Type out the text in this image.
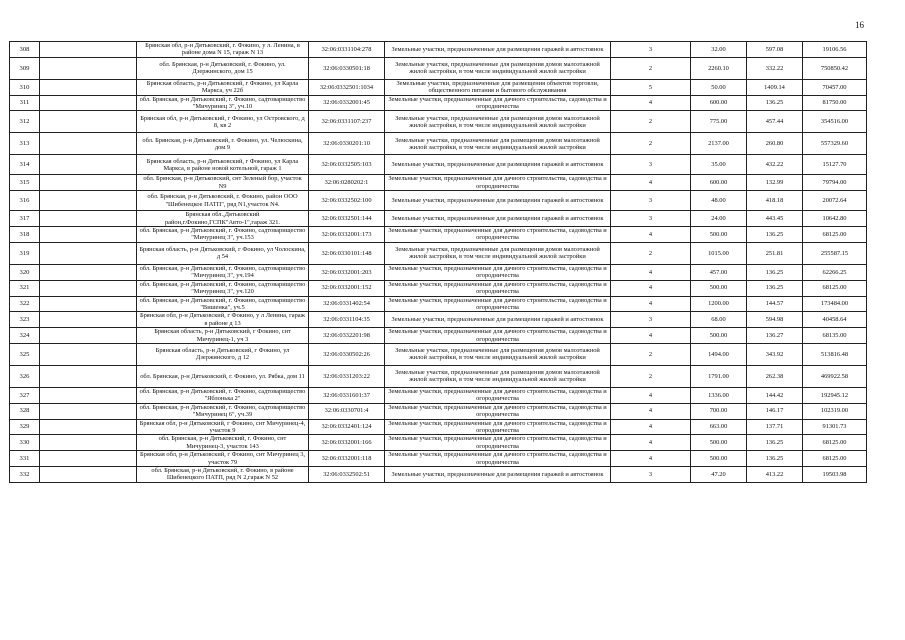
16
308		Брянская обл, р-н Дятьковский, г. Фокино, у л. Ленина, в районе дома N 15, гараж N 13	32:06:0331104:278	Земельные участки, предназначенные для размещения гаражей и автостоянок	3	32.00	597.08	19106.56
309		обл. Брянская, р-н Дятьковский, г. Фокино, ул. Дзержинского, дом 15	32:06:0330501:18	Земельные участки, предназначенные для размещения домов малоэтажной жилой застройки, в том числе индивидуальной жилой застройки	2	2260.10	332.22	750850.42
310		Брянская область, р-н Дятьковский, г Фокино, ул Карла Маркса, уч 22б	32:06:0332501:1034	Земельные участки, предназначенные для размещения объектов торговли, общественного питания и бытового обслуживания	5	50.00	1409.14	70457.00
311		обл. Брянская, р-н Дятьковский, г. Фокино, садтоварищество "Мичуринец 3", уч.10	32:06:0332001:45	Земельные участки, предназначенные для дачного строительства, садоводства и огородничества	4	600.00	136.25	81750.00
312		Брянская обл, р-н Дятьковский, г Фокино, ул Островского, д 8, кв 2	32:06:0331107:237	Земельные участки, предназначенные для размещения домов малоэтажной жилой застройки, в том числе индивидуальной жилой застройки	2	775.00	457.44	354516.00
313		обл. Брянская, р-н Дятьковский, г. Фокино, ул. Челюскина, дом 9	32:06:0330201:10	Земельные участки, предназначенные для размещения домов малоэтажной жилой застройки, в том числе индивидуальной жилой застройки	2	2137.00	260.80	557329.60
314		Брянская область, р-н Дятьковский, г Фокино, ул Карла Маркса, в районе новой котельной, гараж 1	32:06:0332505:103	Земельные участки, предназначенные для размещения гаражей и автостоянок	3	35.00	432.22	15127.70
315		обл. Брянская, р-н Дятьковский, снт Зеленый бор, участок N9	32:06:0280202:1	Земельные участки, предназначенные для дачного строительства, садоводства и огородничества	4	600.00	132.99	79794.00
316		обл. Брянская, р-н Дятьковский, г. Фокино, район ООО "Шибенецкое ПАТП", ряд N1,участок N4.	32:06:0332502:100	Земельные участки, предназначенные для размещения гаражей и автостоянок	3	48.00	418.18	20072.64
317		Брянская обл.,Дятьковский район,г.Фокино,ГСПК"Авто-1",гараж 321.	32:06:0332501:144	Земельные участки, предназначенные для размещения гаражей и автостоянок	3	24.00	443.45	10642.80
318		обл. Брянская, р-н Дятьковский, г. Фокино, садтоварищество "Мичуринец 3", уч.153	32:06:0332001:173	Земельные участки, предназначенные для дачного строительства, садоводства и огородничества	4	500.00	136.25	68125.00
319		Брянская область, р-н Дятьковский, г Фокино, ул Чолоскина, д 54	32:06:0330101:148	Земельные участки, предназначенные для размещения домов малоэтажной жилой застройки, в том числе индивидуальной жилой застройки	2	1015.00	251.81	255587.15
320		обл. Брянская, р-н Дятьковский, г. Фокино, садтоварищество "Мичуринец 3", уч.194	32:06:0332001:203	Земельные участки, предназначенные для дачного строительства, садоводства и огородничества	4	457.00	136.25	62266.25
321		обл. Брянская, р-н Дятьковский, г. Фокино, садтоварищество "Мичуринец 3", уч.120	32:06:0332001:152	Земельные участки, предназначенные для дачного строительства, садоводства и огородничества	4	500.00	136.25	68125.00
322		обл. Брянская, р-н Дятьковский, г. Фокино, садтоварищество "Вишенка", уч.5	32:06:0331402:54	Земельные участки, предназначенные для дачного строительства, садоводства и огородничества	4	1200.00	144.57	173484.00
323		Брянская обл, р-н Дятьковский, г Фокино, у л Ленина, гараж в районе д 13	32:06:0331104:35	Земельные участки, предназначенные для размещения гаражей и автостоянок	3	68.00	594.98	40458.64
324		Брянская область, р-н Дятьковский, г Фокино, снт Мичуринец-1, уч 3	32:06:0332201:98	Земельные участки, предназначенные для дачного строительства, садоводства и огородничества	4	500.00	136.27	68135.00
325		Брянская область, р-н Дятьковский, г Фокино, ул Дзержинского, д 12	32:06:0330502:26	Земельные участки, предназначенные для размещения домов малоэтажной жилой застройки, в том числе индивидуальной жилой застройки	2	1494.00	343.92	513816.48
326		обл. Брянская, р-н Дятьковский, г. Фокино, ул. Рябка, дом 11	32:06:0331203:22	Земельные участки, предназначенные для размещения домов малоэтажной жилой застройки, в том числе индивидуальной жилой застройки	2	1791.00	262.38	469922.58
327		обл. Брянская, р-н Дятьковский, г. Фокино, садтоварищество "Яблонька 2"	32:06:0331601:37	Земельные участки, предназначенные для дачного строительства, садоводства и огородничества	4	1336.00	144.42	192945.12
328		обл. Брянская, р-н Дятьковский, г. Фокино, садтоварищество "Мичуринец 6", уч.39	32:06:0330701:4	Земельные участки, предназначенные для дачного строительства, садоводства и огородничества	4	700.00	146.17	102319.00
329		Брянская обл, р-н Дятьковский, г Фокино, снт Мичуринец-4, участок 9	32:06:0332401:124	Земельные участки, предназначенные для дачного строительства, садоводства и огородничества	4	663.00	137.71	91301.73
330		обл. Брянская, р-н Дятьковский, г. Фокино, снт Мичуринец-3, участок 143	32:06:0332001:166	Земельные участки, предназначенные для дачного строительства, садоводства и огородничества	4	500.00	136.25	68125.00
331		Брянская обл, р-н Дятьковский, г Фокино, снт Мичуринец 3, участок 79	32:06:0332001:118	Земельные участки, предназначенные для дачного строительства, садоводства и огородничества	4	500.00	136.25	68125.00
332		обл. Брянская, р-н Дятьковский, г. Фокино, в районе Шибенецкого ПАТП, ряд N 2,гараж N 52	32:06:0332502:51	Земельные участки, предназначенные для размещения гаражей и автостоянок	3	47.20	413.22	19503.98
